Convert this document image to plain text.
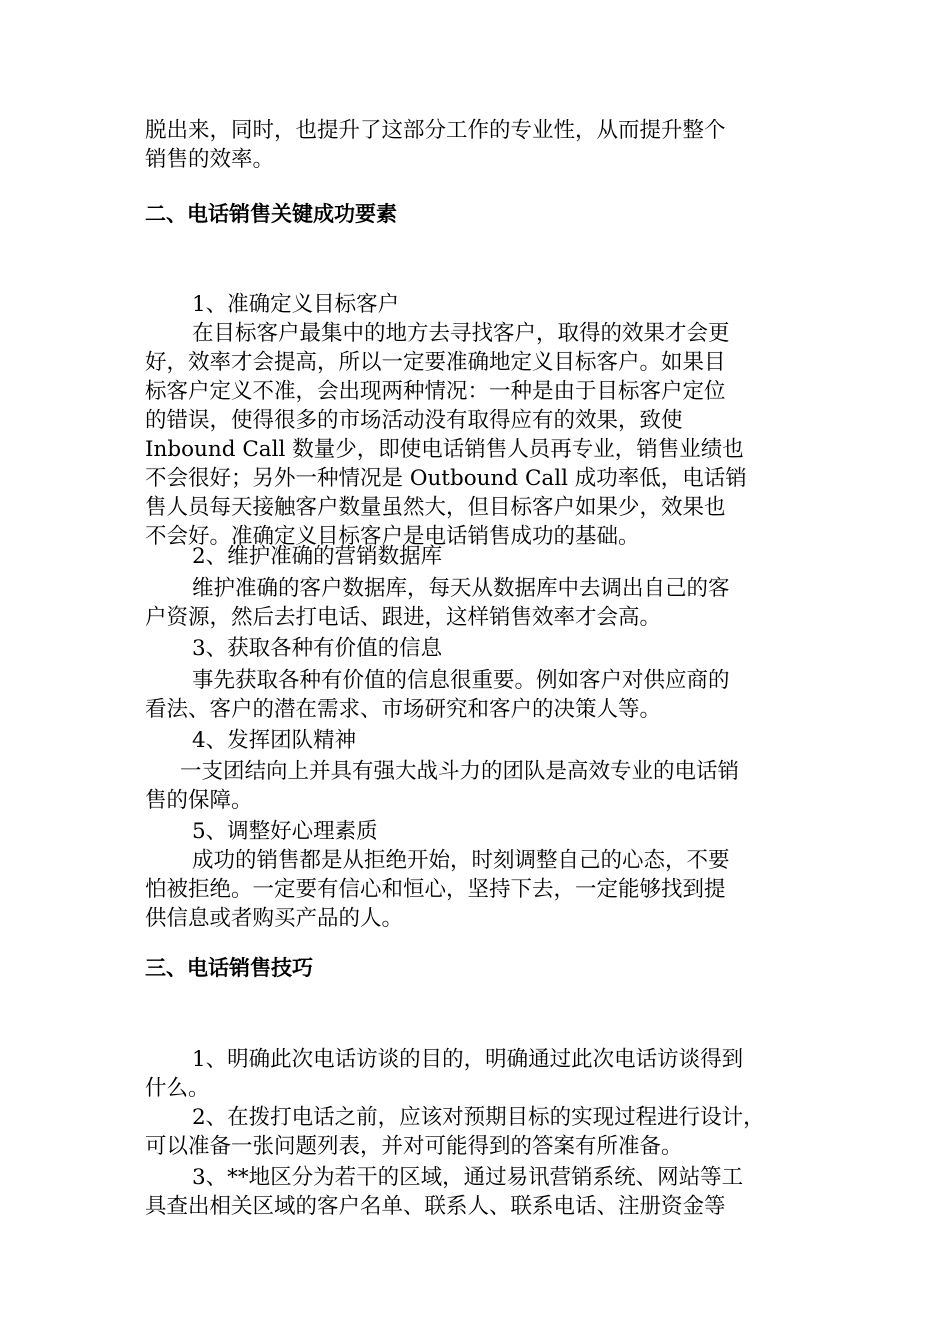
脱出来，同时，也提升了这部分工作的专业性，从而提升整个
销售的效率。

二、电话销售关键成功要素

1、准确定义目标客户

在目标客户最集中的地方去寻找客户，取得的效果才会更
好，效率才会提高，所以一定要准确地定义目标客户。如果目
标客户定义不准，会出现两种情况：一种是由于目标客户定位
的错误，使得很多的市场活动没有取得应有的效果，致使
Inbound Call 数量少，即使电话销售人员再专业，销售业绩也
不会很好；另外一种情况是 Outbound Call 成功率低，电话销
售人员每天接触客户数量虽然大，但目标客户如果少，效果也
不会好。准确定义目标客户是电话销售成功的基础。

2、维护准确的营销数据库

维护准确的客户数据库，每天从数据库中去调出自己的客
户资源，然后去打电话、跟进，这样销售效率才会高。

3、获取各种有价值的信息

事先获取各种有价值的信息很重要。例如客户对供应商的
看法、客户的潜在需求、市场研究和客户的决策人等。

4、发挥团队精神

一支团结向上并具有强大战斗力的团队是高效专业的电话销
售的保障。

5、调整好心理素质

成功的销售都是从拒绝开始，时刻调整自己的心态，不要
怕被拒绝。一定要有信心和恒心，坚持下去，一定能够找到提
供信息或者购买产品的人。

三、电话销售技巧

1、明确此次电话访谈的目的，明确通过此次电话访谈得到
什么。

2、在拨打电话之前，应该对预期目标的实现过程进行设计，
可以准备一张问题列表，并对可能得到的答案有所准备。

3、**地区分为若干的区域，通过易讯营销系统、网站等工
具查出相关区域的客户名单、联系人、联系电话、注册资金等
